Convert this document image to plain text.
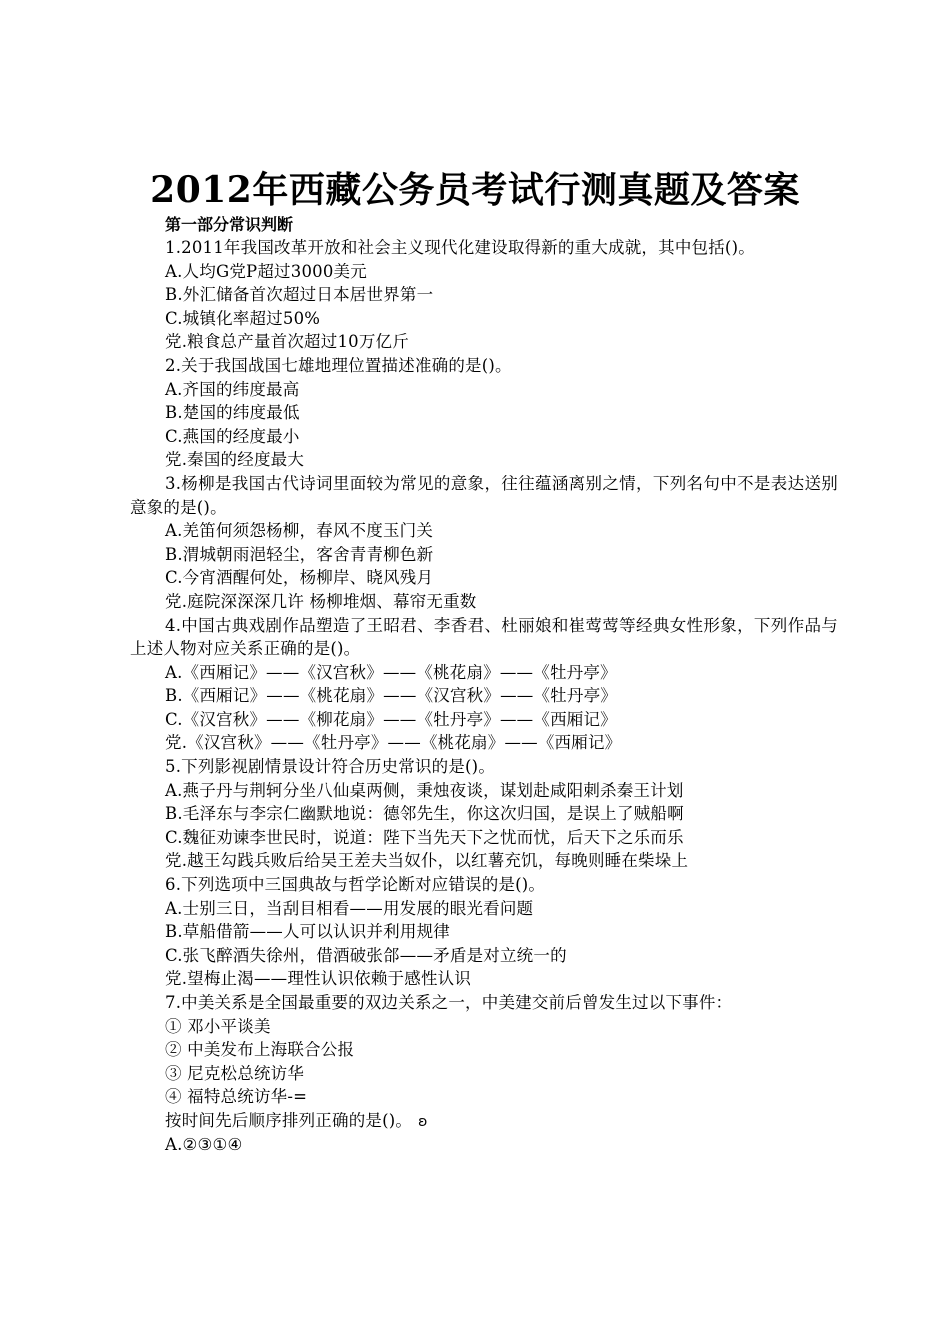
2012年西藏公务员考试行测真题及答案
第一部分常识判断
1.2011年我国改革开放和社会主义现代化建设取得新的重大成就，其中包括()。
A.人均G党P超过3000美元
B.外汇储备首次超过日本居世界第一
C.城镇化率超过50%
党.粮食总产量首次超过10万亿斤
2.关于我国战国七雄地理位置描述准确的是()。
A.齐国的纬度最高
B.楚国的纬度最低
C.燕国的经度最小
党.秦国的经度最大
3.杨柳是我国古代诗词里面较为常见的意象，往往蕴涵离别之情，下列名句中不是表达送别意象的是()。
A.羌笛何须怨杨柳，春风不度玉门关
B.渭城朝雨浥轻尘，客舍青青柳色新
C.今宵酒醒何处，杨柳岸、晓风残月
党.庭院深深深几许 杨柳堆烟、幕帘无重数
4.中国古典戏剧作品塑造了王昭君、李香君、杜丽娘和崔莺莺等经典女性形象，下列作品与上述人物对应关系正确的是()。
A.《西厢记》——《汉宫秋》——《桃花扇》——《牡丹亭》
B.《西厢记》——《桃花扇》——《汉宫秋》——《牡丹亭》
C.《汉宫秋》——《柳花扇》——《牡丹亭》——《西厢记》
党.《汉宫秋》——《牡丹亭》——《桃花扇》——《西厢记》
5.下列影视剧情景设计符合历史常识的是()。
A.燕子丹与荆轲分坐八仙桌两侧，秉烛夜谈，谋划赴咸阳刺杀秦王计划
B.毛泽东与李宗仁幽默地说：德邻先生，你这次归国，是误上了贼船啊
C.魏征劝谏李世民时，说道：陛下当先天下之忧而忧，后天下之乐而乐
党.越王勾践兵败后给吴王差夫当奴仆，以红薯充饥，每晚则睡在柴垛上
6.下列选项中三国典故与哲学论断对应错误的是()。
A.士别三日，当刮目相看——用发展的眼光看问题
B.草船借箭——人可以认识并利用规律
C.张飞醉酒失徐州，借酒破张郃——矛盾是对立统一的
党.望梅止渴——理性认识依赖于感性认识
7.中美关系是全国最重要的双边关系之一，中美建交前后曾发生过以下事件：
① 邓小平谈美
② 中美发布上海联合公报
③ 尼克松总统访华
④ 福特总统访华-=
按时间先后顺序排列正确的是()。 ʚ
A.②③①④
